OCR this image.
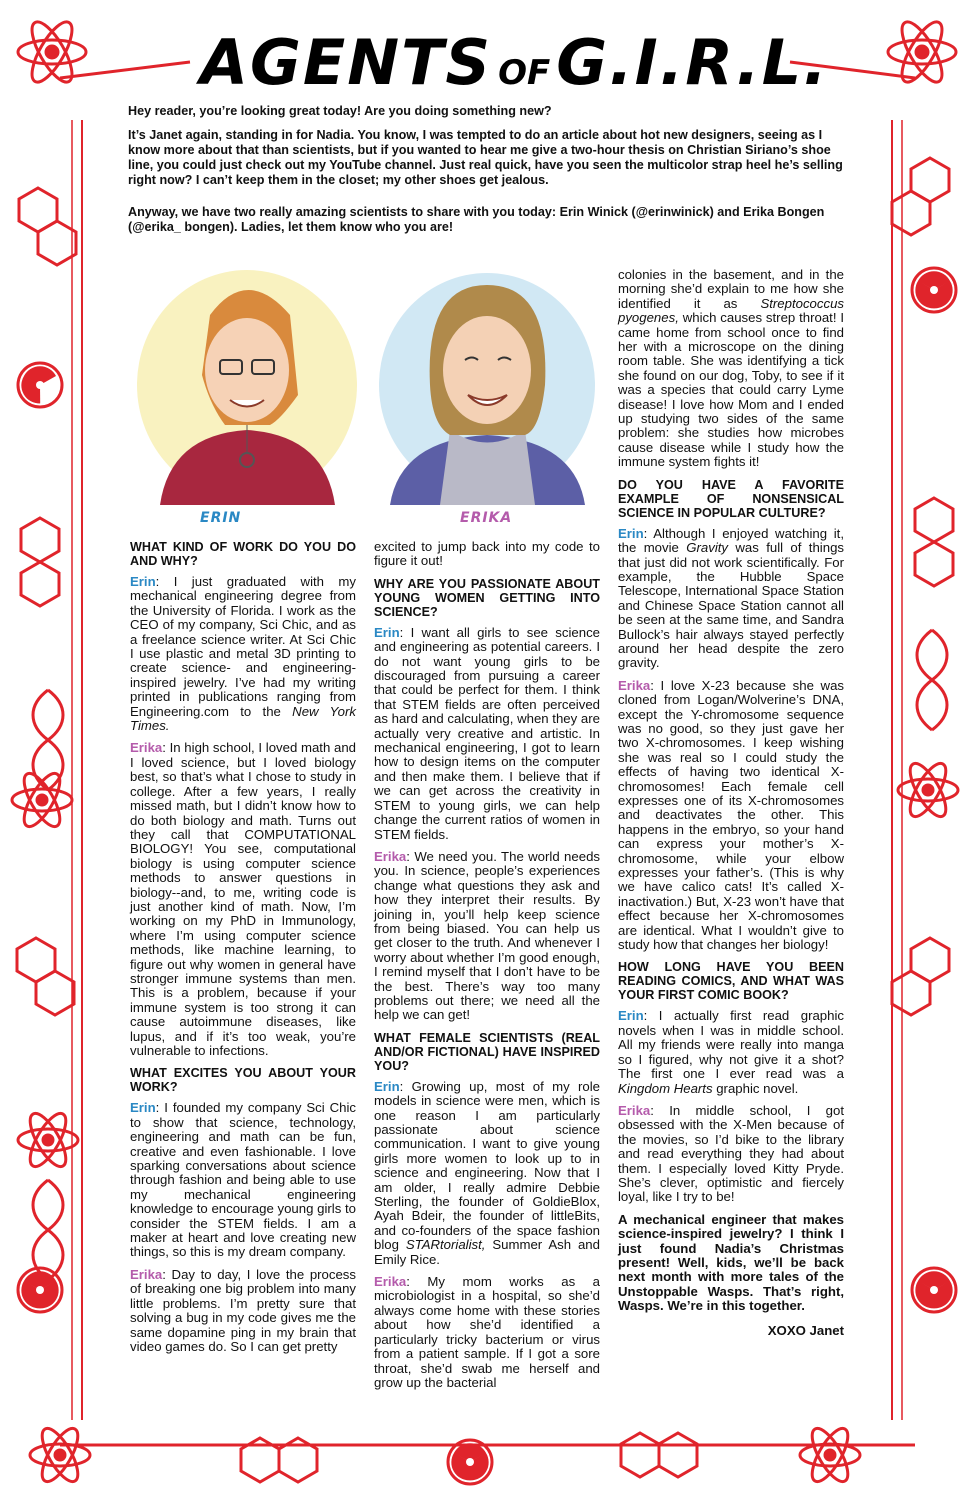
AGENTS OFG.I.R.L.
Hey reader, you’re looking great today! Are you doing something new?
It’s Janet again, standing in for Nadia. You know, I was tempted to do an article about hot new designers, seeing as I know more about that than scientists, but if you wanted to hear me give a two-hour thesis on Christian Siriano’s shoe line, you could just check out my YouTube channel. Just real quick, have you seen the multicolor strap heel he’s selling right now? I can’t keep them in the closet; my other shoes get jealous.
Anyway, we have two really amazing scientists to share with you today: Erin Winick (@erinwinick) and Erika Bongen (@erika_ bongen). Ladies, let them know who you are!
ERIN	ERIKA
WHAT KIND OF WORK DO YOU DO AND WHY?

Erin: I just graduated with my mechanical engineering degree from the University of Florida. I work as the CEO of my company, Sci Chic, and as a freelance science writer. At Sci Chic I use plastic and metal 3D printing to create science- and engineering-inspired jewelry. I’ve had my writing printed in publications ranging from Engineering.com to the New York Times.

Erika: In high school, I loved math and I loved science, but I loved biology best, so that’s what I chose to study in college. After a few years, I really missed math, but I didn’t know how to do both biology and math. Turns out they call that COMPUTATIONAL BIOLOGY! You see, computational biology is using computer science methods to answer questions in biology--and, to me, writing code is just another kind of math. Now, I’m working on my PhD in Immunology, where I’m using computer science methods, like machine learning, to figure out why women in general have stronger immune systems than men. This is a problem, because if your immune system is too strong it can cause autoimmune diseases, like lupus, and if it’s too weak, you’re vulnerable to infections.

WHAT EXCITES YOU ABOUT YOUR WORK?

Erin: I founded my company Sci Chic to show that science, technology, engineering and math can be fun, creative and even fashionable. I love sparking conversations about science through fashion and being able to use my mechanical engineering knowledge to encourage young girls to consider the STEM fields. I am a maker at heart and love creating new things, so this is my dream company.

Erika: Day to day, I love the process of breaking one big problem into many little problems. I’m pretty sure that solving a bug in my code gives me the same dopamine ping in my brain that video games do. So I can get pretty

excited to jump back into my code to figure it out!

WHY ARE YOU PASSIONATE ABOUT YOUNG WOMEN GETTING INTO SCIENCE?

Erin: I want all girls to see science and engineering as potential careers. I do not want young girls to be discouraged from pursuing a career that could be perfect for them. I think that STEM fields are often perceived as hard and calculating, when they are actually very creative and artistic. In mechanical engineering, I got to learn how to design items on the computer and then make them. I believe that if we can get across the creativity in STEM to young girls, we can help change the current ratios of women in STEM fields.

Erika: We need you. The world needs you. In science, people’s experiences change what questions they ask and how they interpret their results. By joining in, you’ll help keep science from being biased. You can help us get closer to the truth. And whenever I worry about whether I’m good enough, I remind myself that I don’t have to be the best. There’s way too many problems out there; we need all the help we can get!

WHAT FEMALE SCIENTISTS (REAL AND/OR FICTIONAL) HAVE INSPIRED YOU?

Erin: Growing up, most of my role models in science were men, which is one reason I am particularly passionate about science communication. I want to give young girls more women to look up to in science and engineering. Now that I am older, I really admire Debbie Sterling, the founder of GoldieBlox, Ayah Bdeir, the founder of littleBits, and co-founders of the space fashion blog STARtorialist, Summer Ash and Emily Rice.

Erika: My mom works as a microbiologist in a hospital, so she’d always come home with these stories about how she’d identified a particularly tricky bacterium or virus from a patient sample. If I got a sore throat, she’d swab me herself and grow up the bacterial

colonies in the basement, and in the morning she’d explain to me how she identified it as Streptococcus pyogenes, which causes strep throat! I came home from school once to find her with a microscope on the dining room table. She was identifying a tick she found on our dog, Toby, to see if it was a species that could carry Lyme disease! I love how Mom and I ended up studying two sides of the same problem: she studies how microbes cause disease while I study how the immune system fights it!

DO YOU HAVE A FAVORITE EXAMPLE OF NONSENSICAL SCIENCE IN POPULAR CULTURE?

Erin: Although I enjoyed watching it, the movie Gravity was full of things that just did not work scientifically. For example, the Hubble Space Telescope, International Space Station and Chinese Space Station cannot all be seen at the same time, and Sandra Bullock’s hair always stayed perfectly around her head despite the zero gravity.

Erika: I love X-23 because she was cloned from Logan/Wolverine’s DNA, except the Y-chromosome sequence was no good, so they just gave her two X-chromosomes. I keep wishing she was real so I could study the effects of having two identical X-chromosomes! Each female cell expresses one of its X-chromosomes and deactivates the other. This happens in the embryo, so your hand can express your mother’s X-chromosome, while your elbow expresses your father’s. (This is why we have calico cats! It’s called X-inactivation.) But, X-23 won’t have that effect because her X-chromosomes are identical. What I wouldn’t give to study how that changes her biology!

HOW LONG HAVE YOU BEEN READING COMICS, AND WHAT WAS YOUR FIRST COMIC BOOK?

Erin: I actually first read graphic novels when I was in middle school. All my friends were really into manga so I figured, why not give it a shot? The first one I ever read was a Kingdom Hearts graphic novel.

Erika: In middle school, I got obsessed with the X-Men because of the movies, so I’d bike to the library and read everything they had about them. I especially loved Kitty Pryde. She’s clever, optimistic and fiercely loyal, like I try to be!

A mechanical engineer that makes science-inspired jewelry? I think I just found Nadia’s Christmas present! Well, kids, we’ll be back next month with more tales of the Unstoppable Wasps. That’s right, Wasps. We’re in this together.

XOXO Janet
